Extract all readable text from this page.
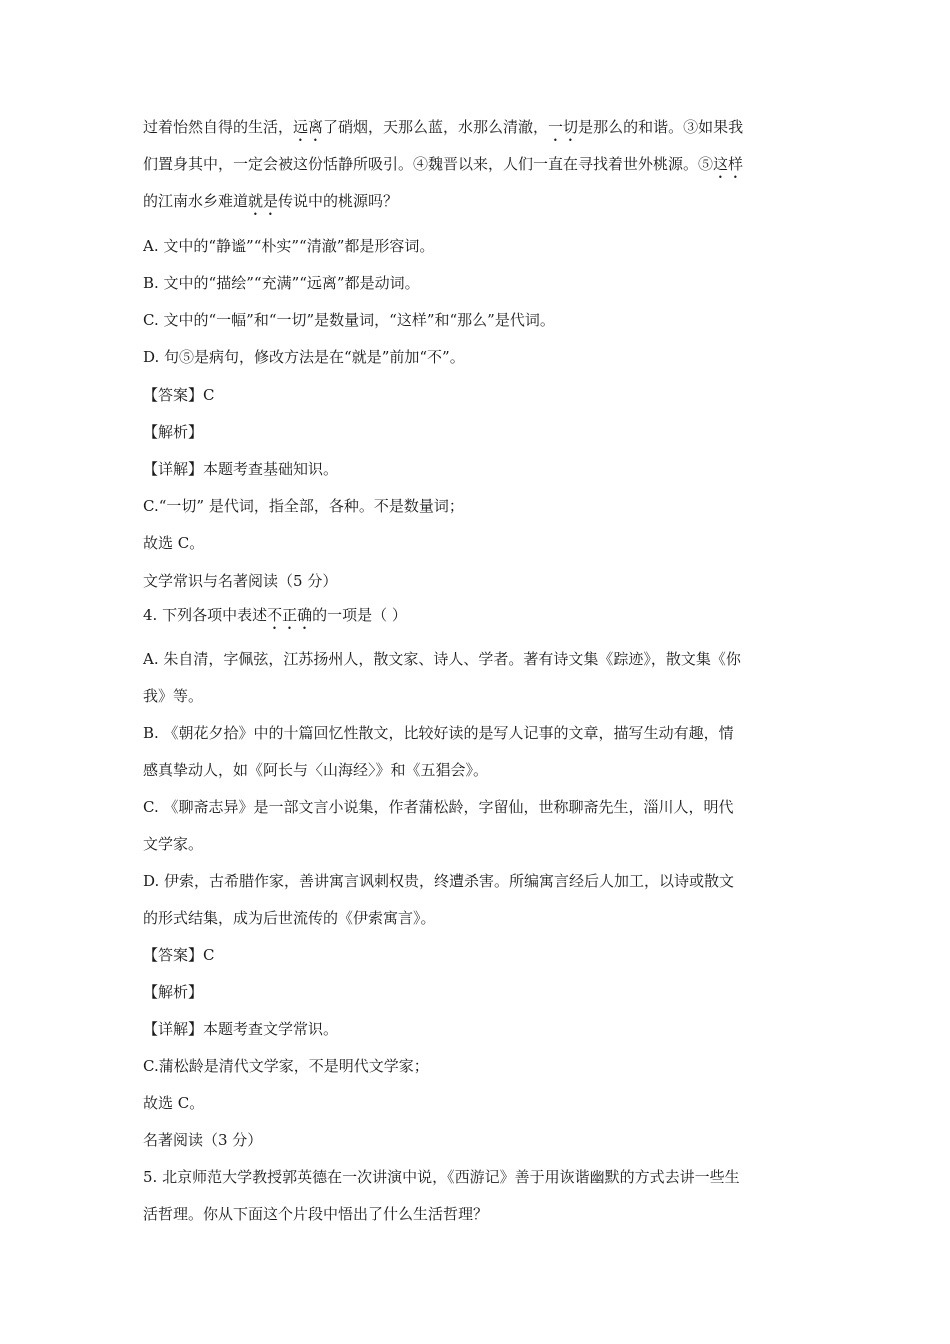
过着怡然自得的生活，远离了硝烟，天那么蓝，水那么清澈，一切是那么的和谐。③如果我
们置身其中，一定会被这份恬静所吸引。④魏晋以来，人们一直在寻找着世外桃源。⑤这样
的江南水乡难道就是传说中的桃源吗？
A. 文中的“静谧”“朴实”“清澈”都是形容词。
B. 文中的“描绘”“充满”“远离”都是动词。
C. 文中的“一幅”和“一切”是数量词，“这样”和“那么”是代词。
D. 句⑤是病句，修改方法是在“就是”前加“不”。
【答案】C
【解析】
【详解】本题考查基础知识。
C.“一切” 是代词，指全部，各种。不是数量词；
故选 C。
文学常识与名著阅读（5 分）
4. 下列各项中表述不正确的一项是（ ）
A. 朱自清，字佩弦，江苏扬州人，散文家、诗人、学者。著有诗文集《踪迹》，散文集《你
我》等。
B. 《朝花夕拾》中的十篇回忆性散文，比较好读的是写人记事的文章，描写生动有趣，情
感真挚动人，如《阿长与〈山海经〉》和《五猖会》。
C. 《聊斋志异》是一部文言小说集，作者蒲松龄，字留仙，世称聊斋先生，淄川人，明代
文学家。
D. 伊索，古希腊作家，善讲寓言讽刺权贵，终遭杀害。所编寓言经后人加工，以诗或散文
的形式结集，成为后世流传的《伊索寓言》。
【答案】C
【解析】
【详解】本题考查文学常识。
C.蒲松龄是清代文学家，不是明代文学家；
故选 C。
名著阅读（3 分）
5. 北京师范大学教授郭英德在一次讲演中说，《西游记》善于用诙谐幽默的方式去讲一些生
活哲理。你从下面这个片段中悟出了什么生活哲理？
